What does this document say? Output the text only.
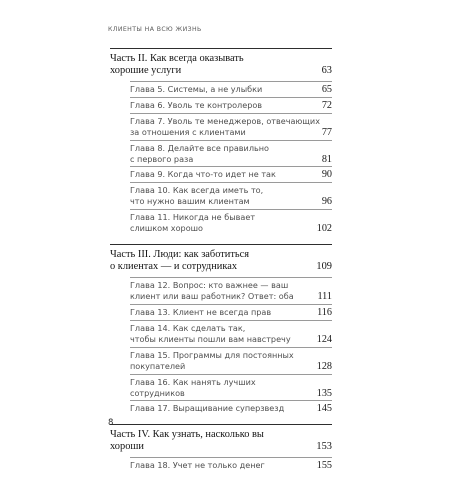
КЛИЕНТЫ НА ВСЮ ЖИЗНЬ
Часть II. Как всегда оказывать
хорошие услуги	63
Глава 5. Системы, а не улыбки	65
Глава 6. Уволь те контролеров	72
Глава 7. Уволь те менеджеров, отвечающих
за отношения с клиентами	77
Глава 8. Делайте все правильно
с первого раза	81
Глава 9. Когда что-то идет не так	90
Глава 10. Как всегда иметь то,
что нужно вашим клиентам	96
Глава 11. Никогда не бывает
слишком хорошо	102
Часть III. Люди: как заботиться
о клиентах — и сотрудниках	109
Глава 12. Вопрос: кто важнее — ваш
клиент или ваш работник? Ответ: оба	111
Глава 13. Клиент не всегда прав	116
Глава 14. Как сделать так,
чтобы клиенты пошли вам навстречу	124
Глава 15. Программы для постоянных
покупателей	128
Глава 16. Как нанять лучших
сотрудников	135
Глава 17. Выращивание суперзвезд	145
Часть IV. Как узнать, насколько вы хороши	153
Глава 18. Учет не только денег	155
8
